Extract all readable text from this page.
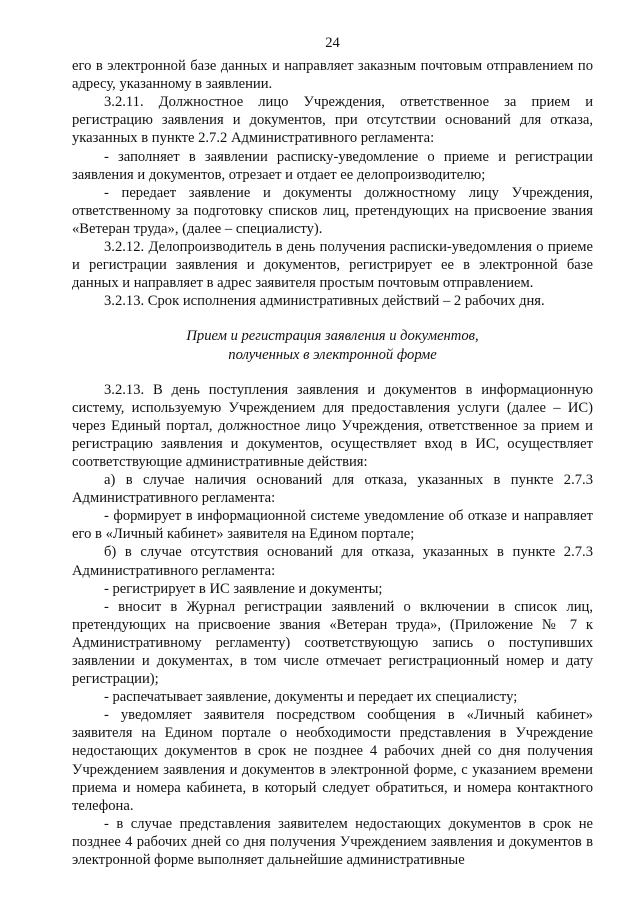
24

его в электронной базе данных и направляет заказным почтовым отправлением по адресу, указанному в заявлении.

3.2.11. Должностное лицо Учреждения, ответственное за прием и регистрацию заявления и документов, при отсутствии оснований для отказа, указанных в пункте 2.7.2 Административного регламента:

- заполняет в заявлении расписку-уведомление о приеме и регистрации заявления и документов, отрезает и отдает ее делопроизводителю;

- передает заявление и документы должностному лицу Учреждения, ответственному за подготовку списков лиц, претендующих на присвоение звания «Ветеран труда», (далее – специалисту).

3.2.12. Делопроизводитель в день получения расписки-уведомления о приеме и регистрации заявления и документов, регистрирует ее в электронной базе данных и направляет в адрес заявителя простым почтовым отправлением.

3.2.13. Срок исполнения административных действий – 2 рабочих дня.

Прием и регистрация заявления и документов,
полученных в электронной форме

3.2.13. В день поступления заявления и документов в информационную систему, используемую Учреждением для предоставления услуги (далее – ИС) через Единый портал, должностное лицо Учреждения, ответственное за прием и регистрацию заявления и документов, осуществляет вход в ИС, осуществляет соответствующие административные действия:

а) в случае наличия оснований для отказа, указанных в пункте 2.7.3 Административного регламента:

- формирует в информационной системе уведомление об отказе и направляет его в «Личный кабинет» заявителя на Едином портале;

б) в случае отсутствия оснований для отказа, указанных в пункте 2.7.3 Административного регламента:

- регистрирует в ИС заявление и документы;

- вносит в Журнал регистрации заявлений о включении в список лиц, претендующих на присвоение звания «Ветеран труда», (Приложение № 7 к Административному регламенту) соответствующую запись о поступивших заявлении и документах, в том числе отмечает регистрационный номер и дату регистрации);

- распечатывает заявление, документы и передает их специалисту;

- уведомляет заявителя посредством сообщения в «Личный кабинет» заявителя на Едином портале о необходимости представления в Учреждение недостающих документов в срок не позднее 4 рабочих дней со дня получения Учреждением заявления и документов в электронной форме, с указанием времени приема и номера кабинета, в который следует обратиться, и номера контактного телефона.

- в случае представления заявителем недостающих документов в срок не позднее 4 рабочих дней со дня получения Учреждением заявления и документов в электронной форме выполняет дальнейшие административные
